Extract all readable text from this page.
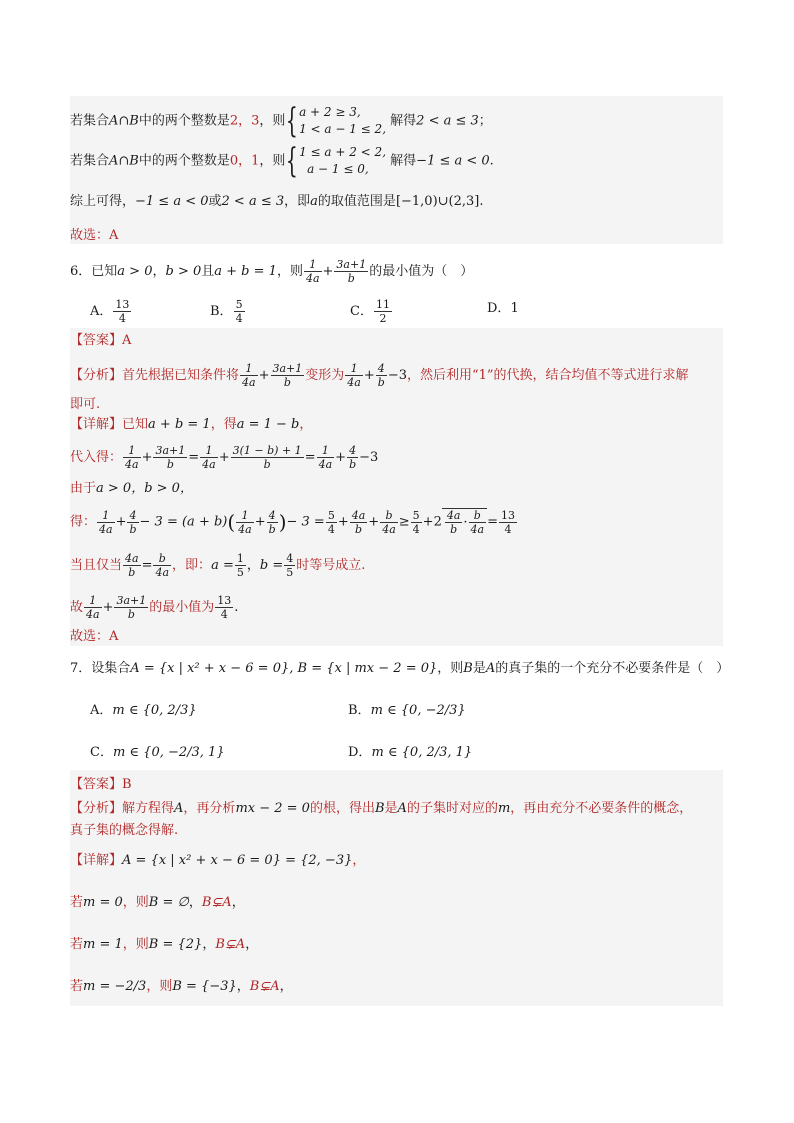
若集合A∩B中的两个整数是2，3，则{ a + 2 ≥ 3,
1 < a − 1 ≤ 2,
解得2 < a ≤ 3；
若集合A∩B中的两个整数是0，1，则{ 1 ≤ a + 2 < 2,
a − 1 ≤ 0,
解得−1 ≤ a < 0.
综上可得，−1 ≤ a < 0或2 < a ≤ 3，即a的取值范围是[−1,0)∪(2,3].
故选：A
6．已知a > 0，b > 0且a + b = 1，则 $\frac{1}{4a} + \frac{3a+1}{b}$ 的最小值为（　）
A． $\frac{13}{4}$	B． $\frac{5}{4}$	C． $\frac{11}{2}$	D．1
【答案】A
【分析】首先根据已知条件将 $\frac{1}{4a} + \frac{3a+1}{b}$ 变形为 $\frac{1}{4a} + \frac{4}{b} -3$，然后利用“1”的代换，结合均值不等式进行求解
即可.
【详解】已知a + b = 1，得a = 1 − b，
代入得： $\frac{1}{4a} + \frac{3a+1}{b} = \frac{1}{4a} + \frac{3(1 - b) + 1}{b} = \frac{1}{4a} + \frac{4}{b} -3$
由于a > 0，b > 0，
得： $\frac{1}{4a} + \frac{4}{b} - 3 = (a + b)( \frac{1}{4a} + \frac{4}{b}$ )− $3 = \frac{5}{4} + \frac{4a}{b} + \frac{b}{4a} \ge \frac{5}{4} +2 \frac{4a}{b} \cdot \frac{b}{4a} = \frac{13}{4}$
当且仅当 $\frac{4a}{b} = \frac{b}{4a}$ ，即：$a = \frac{1}{5}$ ，$b = \frac{4}{5}$ 时等号成立.
故 $\frac{1}{4a} + \frac{3a+1}{b}$ 的最小值为 $\frac{13}{4}$ .
故选：A
7．设集合A = {x | x² + x − 6 = 0}, B = {x | mx − 2 = 0}，则B是A的真子集的一个充分不必要条件是（　）
A．m ∈ {0, 2/3}	B．m ∈ {0, −2/3}
C．m ∈ {0, −2/3, 1}	D．m ∈ {0, 2/3, 1}
【答案】B
【分析】解方程得A，再分析mx − 2 = 0的根，得出B是A的子集时对应的m，再由充分不必要条件的概念，
真子集的概念得解.
【详解】A = {x | x² + x − 6 = 0} = {2, −3}，
若m = 0，则B = ∅，B⊊A，
若m = 1，则B = {2}，B⊊A，
若m = −2/3，则B = {−3}，B⊊A，
